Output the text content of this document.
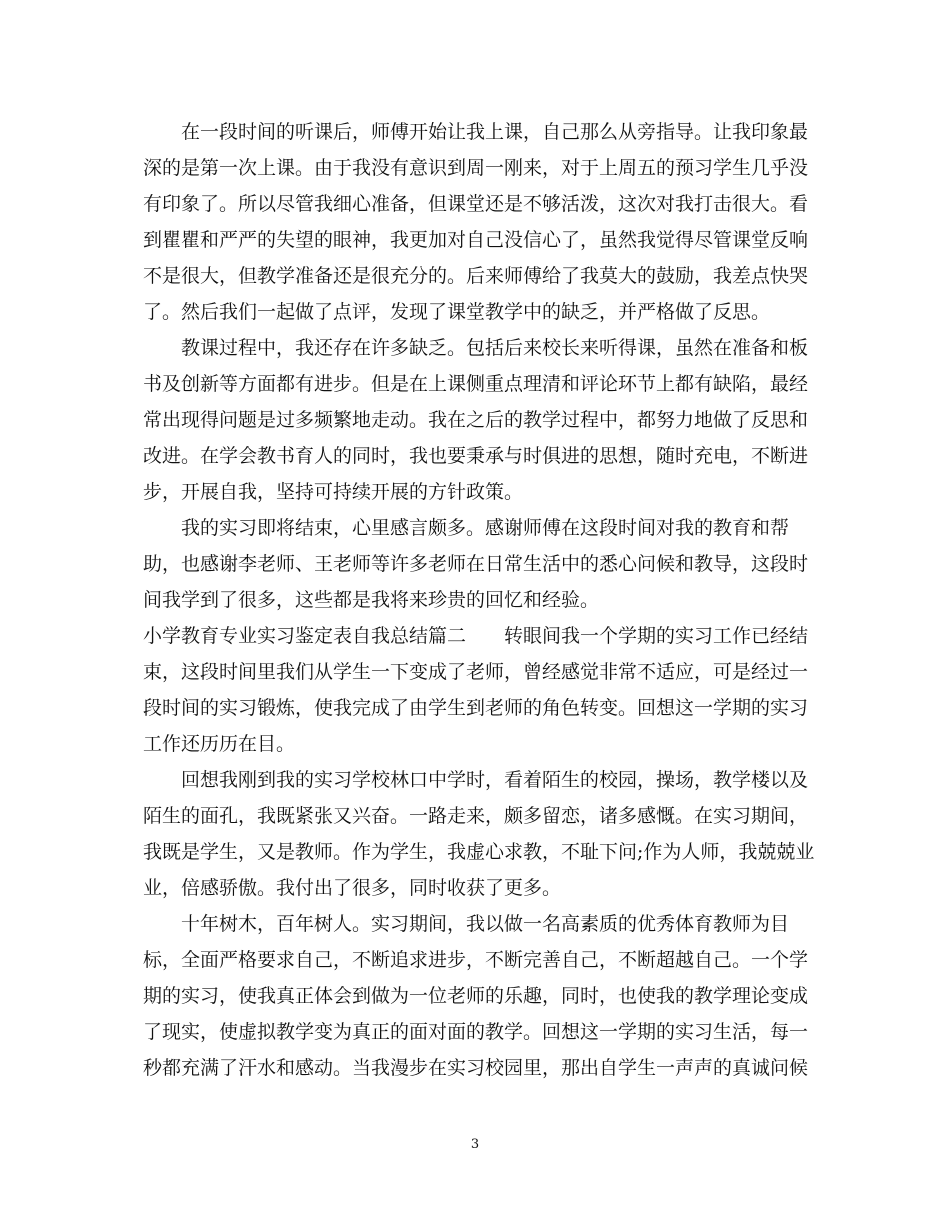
在一段时间的听课后，师傅开始让我上课，自己那么从旁指导。让我印象最
深的是第一次上课。由于我没有意识到周一刚来，对于上周五的预习学生几乎没
有印象了。所以尽管我细心准备，但课堂还是不够活泼，这次对我打击很大。看
到瞿瞿和严严的失望的眼神，我更加对自己没信心了，虽然我觉得尽管课堂反响
不是很大，但教学准备还是很充分的。后来师傅给了我莫大的鼓励，我差点快哭
了。然后我们一起做了点评，发现了课堂教学中的缺乏，并严格做了反思。
教课过程中，我还存在许多缺乏。包括后来校长来听得课，虽然在准备和板
书及创新等方面都有进步。但是在上课侧重点理清和评论环节上都有缺陷，最经
常出现得问题是过多频繁地走动。我在之后的教学过程中，都努力地做了反思和
改进。在学会教书育人的同时，我也要秉承与时俱进的思想，随时充电，不断进
步，开展自我，坚持可持续开展的方针政策。
我的实习即将结束，心里感言颇多。感谢师傅在这段时间对我的教育和帮
助，也感谢李老师、王老师等许多老师在日常生活中的悉心问候和教导，这段时
间我学到了很多，这些都是我将来珍贵的回忆和经验。
小学教育专业实习鉴定表自我总结篇二　　转眼间我一个学期的实习工作已经结
束，这段时间里我们从学生一下变成了老师，曾经感觉非常不适应，可是经过一
段时间的实习锻炼，使我完成了由学生到老师的角色转变。回想这一学期的实习
工作还历历在目。
回想我刚到我的实习学校林口中学时，看着陌生的校园，操场，教学楼以及
陌生的面孔，我既紧张又兴奋。一路走来，颇多留恋，诸多感慨。在实习期间，
我既是学生，又是教师。作为学生，我虚心求教，不耻下问;作为人师，我兢兢业
业，倍感骄傲。我付出了很多，同时收获了更多。
十年树木，百年树人。实习期间，我以做一名高素质的优秀体育教师为目
标，全面严格要求自己，不断追求进步，不断完善自己，不断超越自己。一个学
期的实习，使我真正体会到做为一位老师的乐趣，同时，也使我的教学理论变成
了现实，使虚拟教学变为真正的面对面的教学。回想这一学期的实习生活，每一
秒都充满了汗水和感动。当我漫步在实习校园里，那出自学生一声声的真诚问候
3
